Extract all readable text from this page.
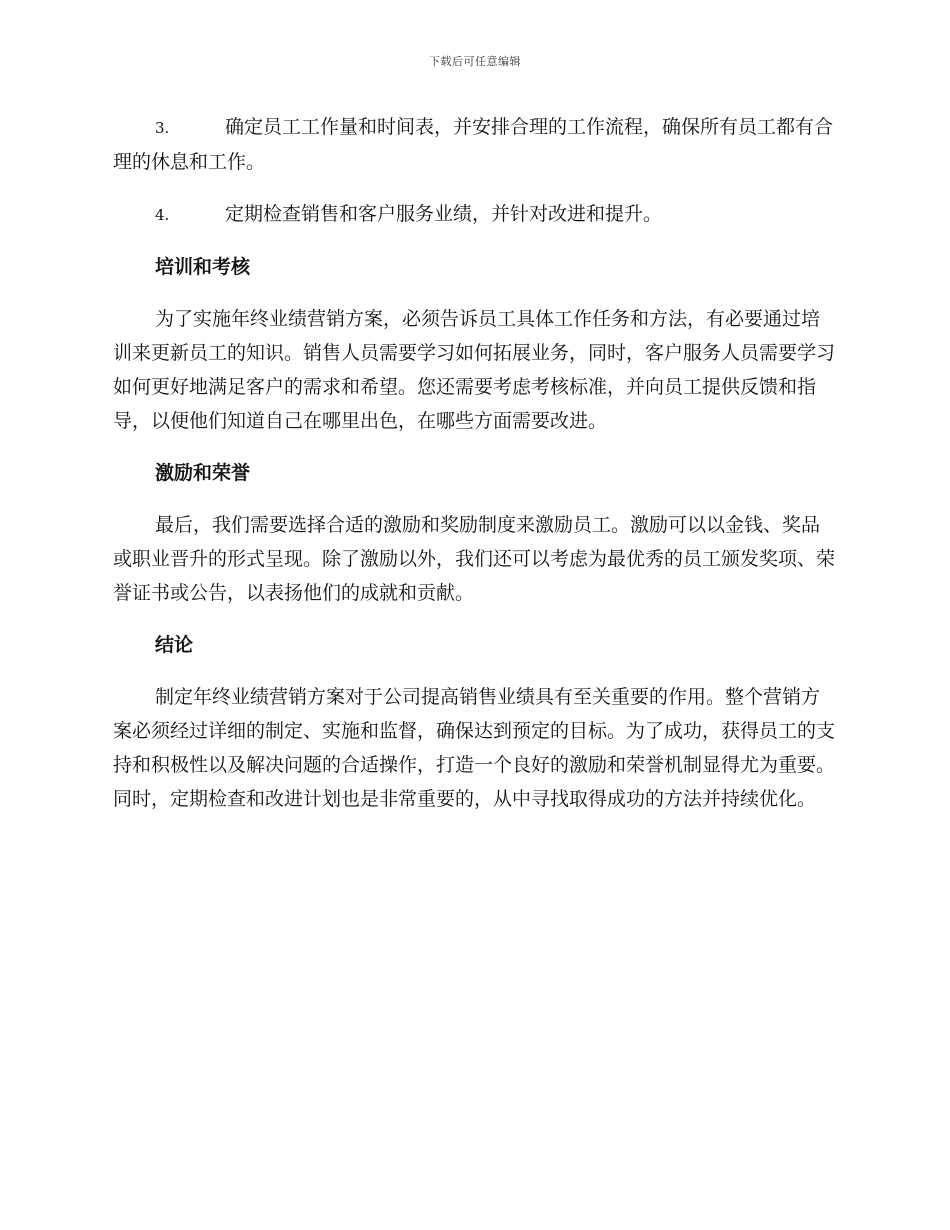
下载后可任意编辑

3.	确定员工工作量和时间表，并安排合理的工作流程，确保所有员工都有合理的休息和工作。

4.	定期检查销售和客户服务业绩，并针对改进和提升。

培训和考核

为了实施年终业绩营销方案，必须告诉员工具体工作任务和方法，有必要通过培训来更新员工的知识。销售人员需要学习如何拓展业务，同时，客户服务人员需要学习如何更好地满足客户的需求和希望。您还需要考虑考核标准，并向员工提供反馈和指导，以便他们知道自己在哪里出色，在哪些方面需要改进。

激励和荣誉

最后，我们需要选择合适的激励和奖励制度来激励员工。激励可以以金钱、奖品或职业晋升的形式呈现。除了激励以外，我们还可以考虑为最优秀的员工颁发奖项、荣誉证书或公告，以表扬他们的成就和贡献。

结论

制定年终业绩营销方案对于公司提高销售业绩具有至关重要的作用。整个营销方案必须经过详细的制定、实施和监督，确保达到预定的目标。为了成功，获得员工的支持和积极性以及解决问题的合适操作，打造一个良好的激励和荣誉机制显得尤为重要。同时，定期检查和改进计划也是非常重要的，从中寻找取得成功的方法并持续优化。
